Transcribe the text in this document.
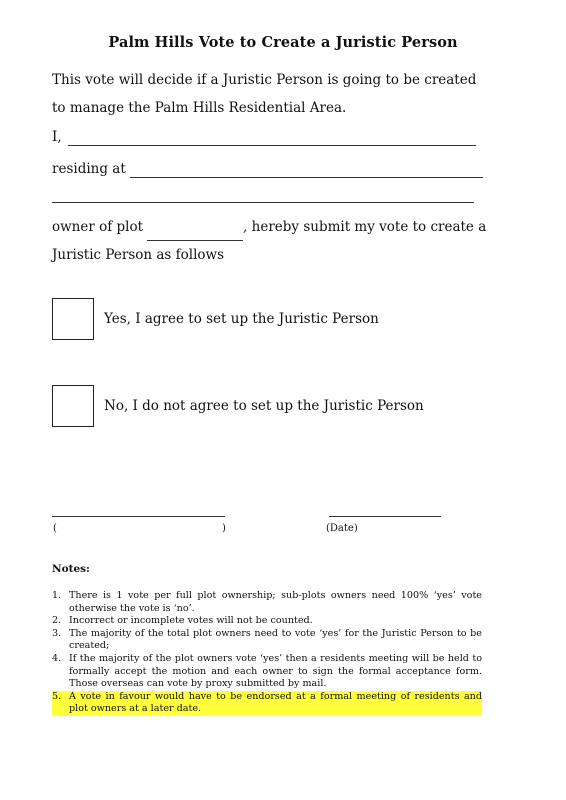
Palm Hills Vote to Create a Juristic Person
This vote will decide if a Juristic Person is going to be created to manage the Palm Hills Residential Area.
I,
residing at
owner of plot	, hereby submit my vote to create a
Juristic Person as follows
Yes, I agree to set up the Juristic Person
No, I do not agree to set up the Juristic Person
(	)	(Date)
Notes:
1. There is 1 vote per full plot ownership; sub-plots owners need 100% ‘yes’ vote otherwise the vote is ‘no’.
2. Incorrect or incomplete votes will not be counted.
3. The majority of the total plot owners need to vote ‘yes’ for the Juristic Person to be created;
4. If the majority of the plot owners vote ‘yes’ then a residents meeting will be held to formally accept the motion and each owner to sign the formal acceptance form. Those overseas can vote by proxy submitted by mail.
5. A vote in favour would have to be endorsed at a formal meeting of residents and plot owners at a later date.
